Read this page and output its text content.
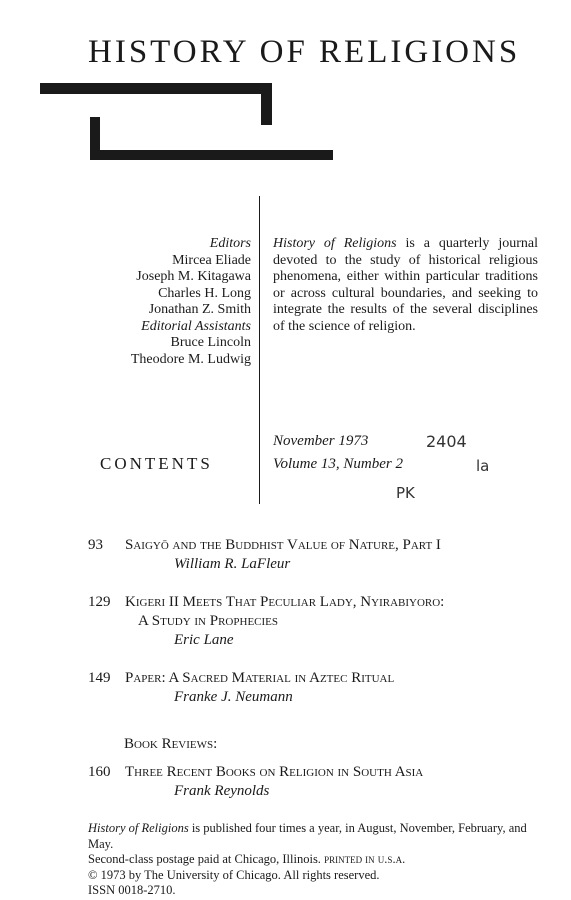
HISTORY OF RELIGIONS
Editors
Mircea Eliade
Joseph M. Kitagawa
Charles H. Long
Jonathan Z. Smith
Editorial Assistants
Bruce Lincoln
Theodore M. Ludwig
History of Religions is a quarterly journal devoted to the study of historical religious phenomena, either within particular traditions or across cultural boundaries, and seeking to integrate the results of the several disciplines of the science of religion.
CONTENTS
November 1973
Volume 13, Number 2
2404
la
PK
93	Saigyō and the Buddhist Value of Nature, Part I
William R. LaFleur
129 Kigeri II Meets That Peculiar Lady, Nyirabiyoro:
A Study in Prophecies
Eric Lane
149 Paper: A Sacred Material in Aztec Ritual
Franke J. Neumann
Book Reviews:
160 Three Recent Books on Religion in South Asia
Frank Reynolds
History of Religions is published four times a year, in August, November, February, and May.
Second-class postage paid at Chicago, Illinois. printed in u.s.a.
© 1973 by The University of Chicago. All rights reserved.
ISSN 0018-2710.
